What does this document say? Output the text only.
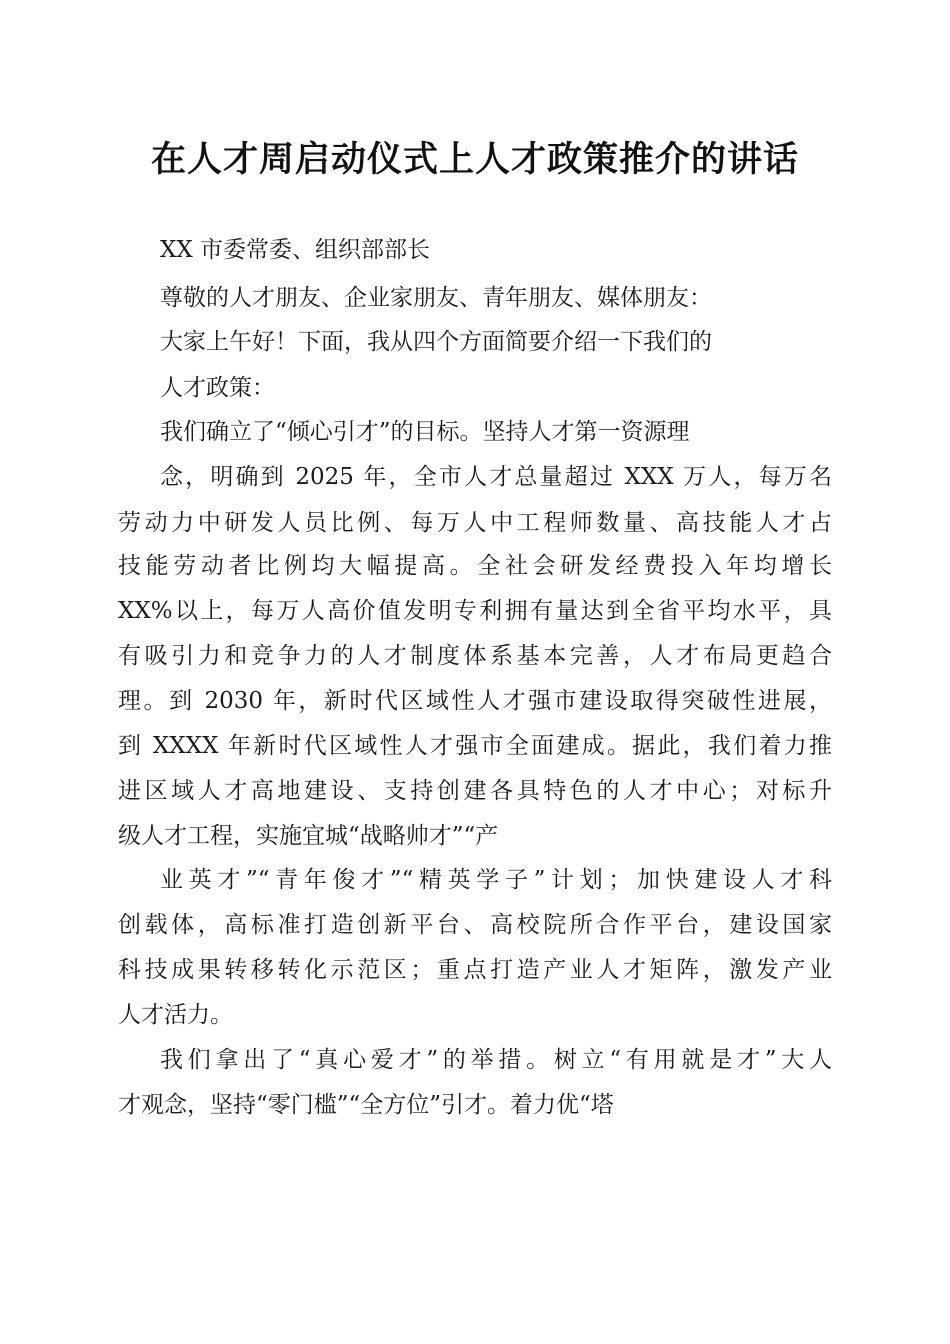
在人才周启动仪式上人才政策推介的讲话
XX 市委常委、组织部部长
尊敬的人才朋友、企业家朋友、青年朋友、媒体朋友：
大家上午好！下面，我从四个方面简要介绍一下我们的
人才政策：
我们确立了“倾心引才”的目标。坚持人才第一资源理
念，明确到 2025 年，全市人才总量超过 XXX 万人，每万名
劳动力中研发人员比例、每万人中工程师数量、高技能人才占
技能劳动者比例均大幅提高。全社会研发经费投入年均增长
XX%以上，每万人高价值发明专利拥有量达到全省平均水平，具
有吸引力和竞争力的人才制度体系基本完善，人才布局更趋合
理。到 2030 年，新时代区域性人才强市建设取得突破性进展，
到 XXXX 年新时代区域性人才强市全面建成。据此，我们着力推
进区域人才高地建设、支持创建各具特色的人才中心；对标升
级人才工程，实施宜城“战略帅才”“产
业英才”“青年俊才”“精英学子”计划；加快建设人才科
创载体，高标准打造创新平台、高校院所合作平台，建设国家
科技成果转移转化示范区；重点打造产业人才矩阵，激发产业
人才活力。
我们拿出了“真心爱才”的举措。树立“有用就是才”大人
才观念，坚持“零门槛”“全方位”引才。着力优“塔
